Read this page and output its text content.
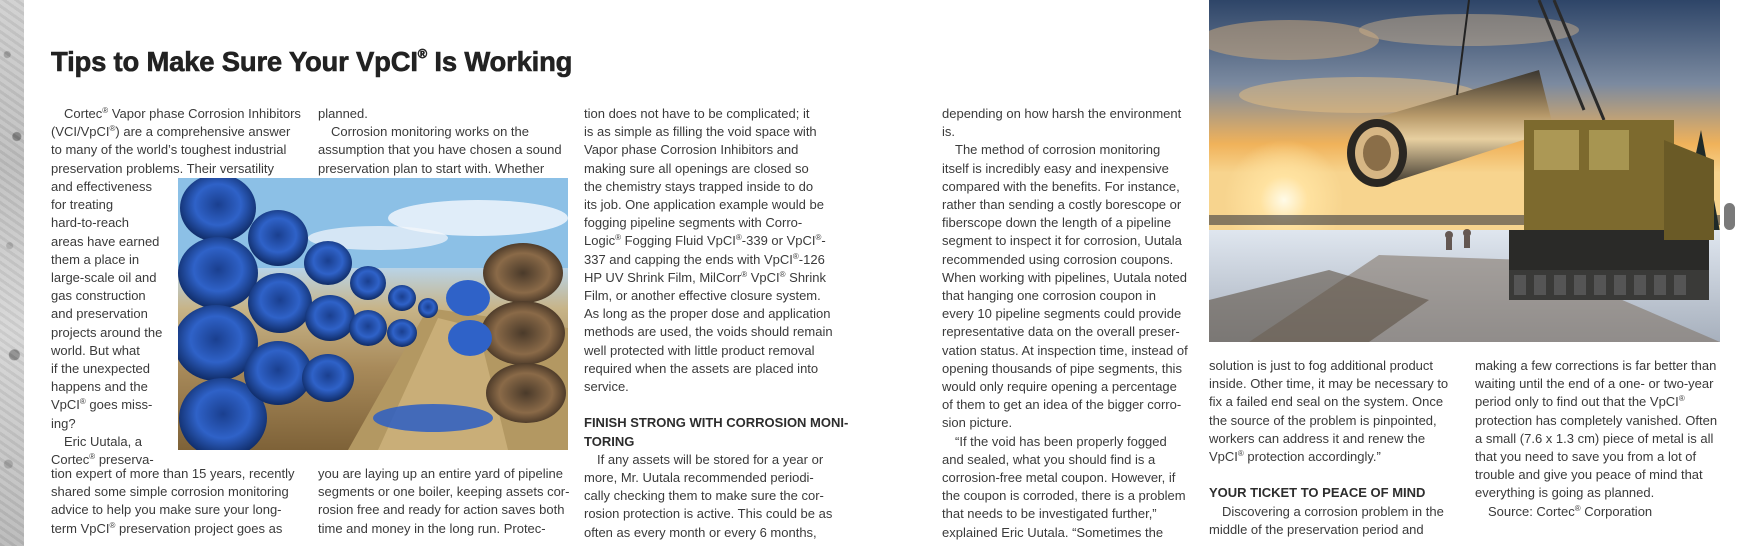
Tips to Make Sure Your VpCI® Is Working
Cortec® Vapor phase Corrosion Inhibitors
(VCI/VpCI®) are a comprehensive answer
to many of the world’s toughest industrial
preservation problems. Their versatility
and effectiveness
for treating
hard-to-reach
areas have earned
them a place in
large-scale oil and
gas construction
and preservation
projects around the
world. But what
if the unexpected
happens and the
VpCI® goes miss-
ing?
Eric Uutala, a
Cortec® preserva-
tion expert of more than 15 years, recently
shared some simple corrosion monitoring
advice to help you make sure your long-
term VpCI® preservation project goes as
planned.
Corrosion monitoring works on the
assumption that you have chosen a sound
preservation plan to start with. Whether
you are laying up an entire yard of pipeline
segments or one boiler, keeping assets cor-
rosion free and ready for action saves both
time and money in the long run. Protec-
tion does not have to be complicated; it
is as simple as filling the void space with
Vapor phase Corrosion Inhibitors and
making sure all openings are closed so
the chemistry stays trapped inside to do
its job. One application example would be
fogging pipeline segments with Corro-
Logic® Fogging Fluid VpCI®-339 or VpCI®-
337 and capping the ends with VpCI®-126
HP UV Shrink Film, MilCorr® VpCI® Shrink
Film, or another effective closure system.
As long as the proper dose and application
methods are used, the voids should remain
well protected with little product removal
required when the assets are placed into
service.

FINISH STRONG WITH CORROSION MONI-
TORING
If any assets will be stored for a year or
more, Mr. Uutala recommended periodi-
cally checking them to make sure the cor-
rosion protection is active. This could be as
often as every month or every 6 months,
depending on how harsh the environment
is.
The method of corrosion monitoring
itself is incredibly easy and inexpensive
compared with the benefits. For instance,
rather than sending a costly borescope or
fiberscope down the length of a pipeline
segment to inspect it for corrosion, Uutala
recommended using corrosion coupons.
When working with pipelines, Uutala noted
that hanging one corrosion coupon in
every 10 pipeline segments could provide
representative data on the overall preser-
vation status. At inspection time, instead of
opening thousands of pipe segments, this
would only require opening a percentage
of them to get an idea of the bigger corro-
sion picture.
“If the void has been properly fogged
and sealed, what you should find is a
corrosion-free metal coupon. However, if
the coupon is corroded, there is a problem
that needs to be investigated further,”
explained Eric Uutala. “Sometimes the
solution is just to fog additional product
inside. Other time, it may be necessary to
fix a failed end seal on the system. Once
the source of the problem is pinpointed,
workers can address it and renew the
VpCI® protection accordingly.”

YOUR TICKET TO PEACE OF MIND
Discovering a corrosion problem in the
middle of the preservation period and
making a few corrections is far better than
waiting until the end of a one- or two-year
period only to find out that the VpCI®
protection has completely vanished. Often
a small (7.6 x 1.3 cm) piece of metal is all
that you need to save you from a lot of
trouble and give you peace of mind that
everything is going as planned.
Source: Cortec® Corporation
